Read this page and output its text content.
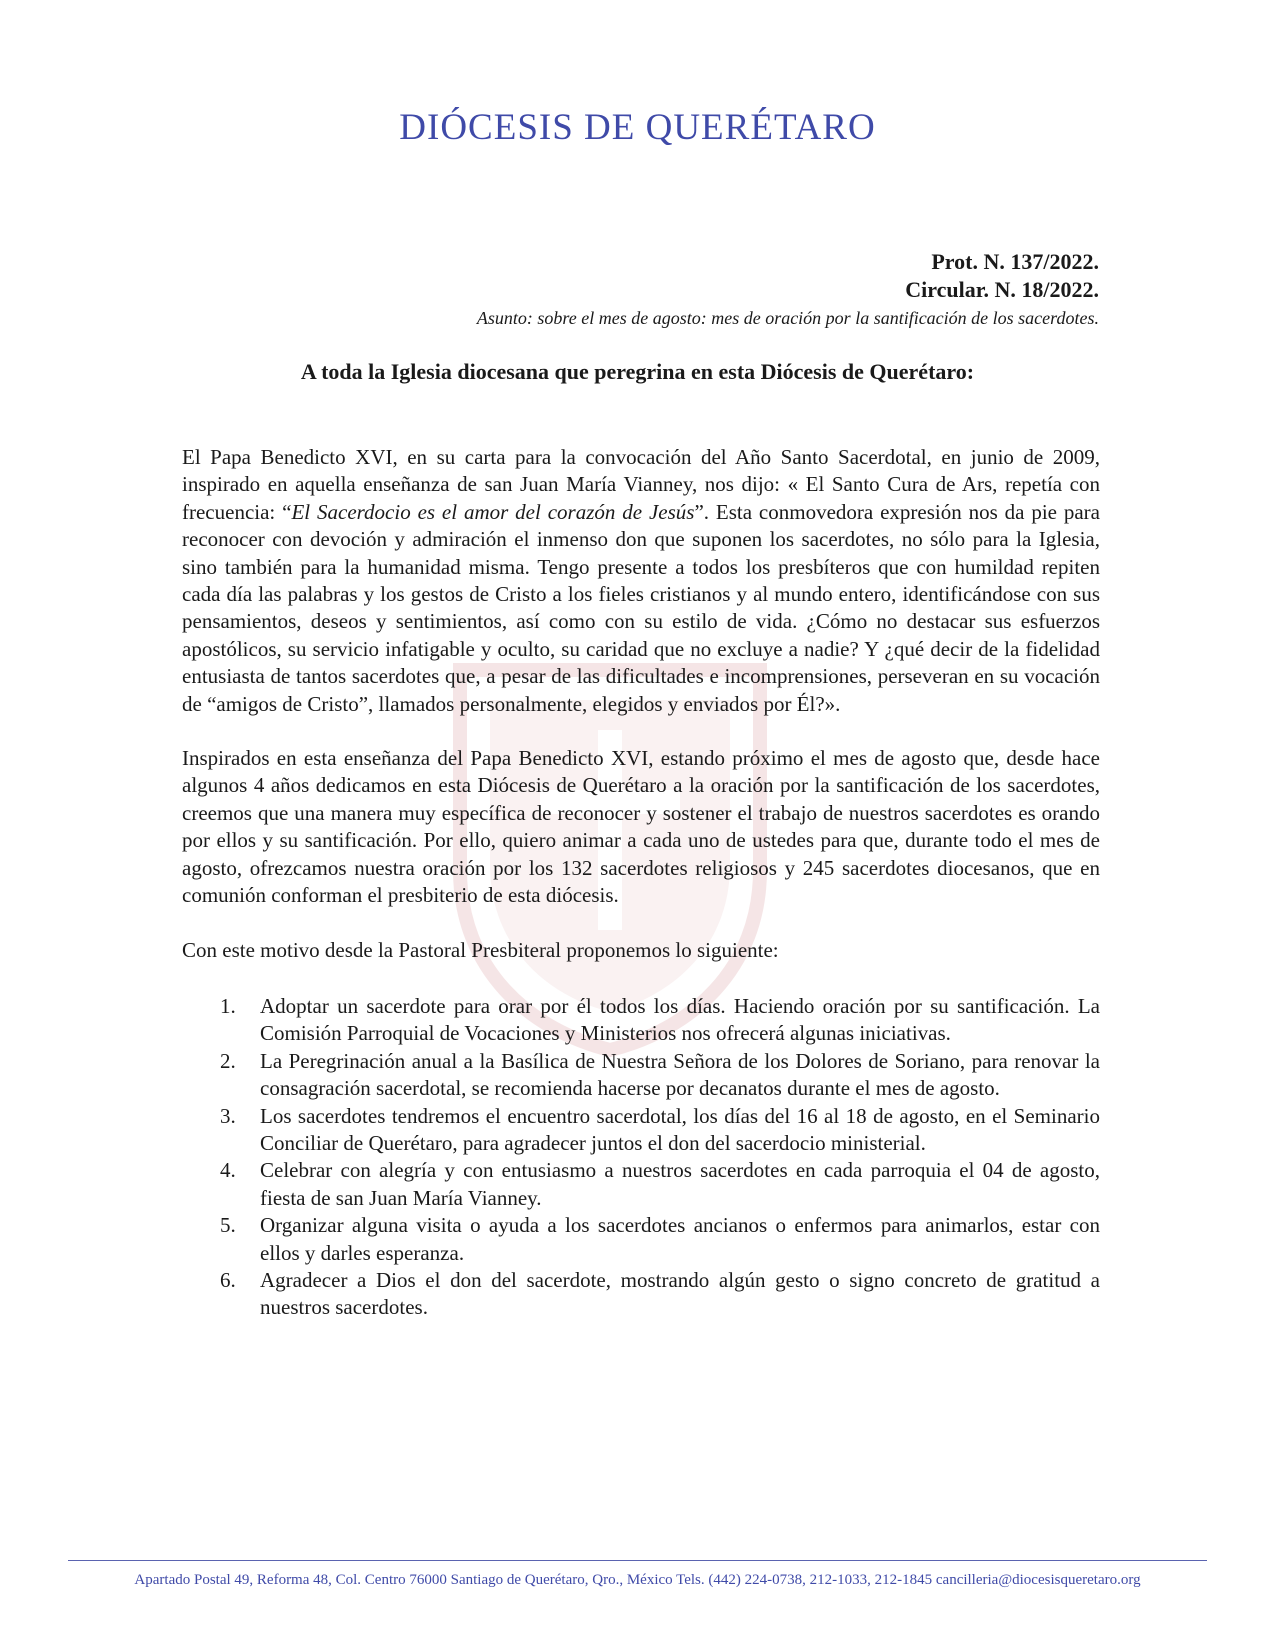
DIÓCESIS DE QUERÉTARO
Prot. N. 137/2022.
Circular. N. 18/2022.
Asunto: sobre el mes de agosto: mes de oración por la santificación de los sacerdotes.
A toda la Iglesia diocesana que peregrina en esta Diócesis de Querétaro:

El Papa Benedicto XVI, en su carta para la convocación del Año Santo Sacerdotal, en junio de 2009, inspirado en aquella enseñanza de san Juan María Vianney, nos dijo: « El Santo Cura de Ars, repetía con frecuencia: “El Sacerdocio es el amor del corazón de Jesús”. Esta conmovedora expresión nos da pie para reconocer con devoción y admiración el inmenso don que suponen los sacerdotes, no sólo para la Iglesia, sino también para la humanidad misma. Tengo presente a todos los presbíteros que con humildad repiten cada día las palabras y los gestos de Cristo a los fieles cristianos y al mundo entero, identificándose con sus pensamientos, deseos y sentimientos, así como con su estilo de vida. ¿Cómo no destacar sus esfuerzos apostólicos, su servicio infatigable y oculto, su caridad que no excluye a nadie? Y ¿qué decir de la fidelidad entusiasta de tantos sacerdotes que, a pesar de las dificultades e incomprensiones, perseveran en su vocación de “amigos de Cristo”, llamados personalmente, elegidos y enviados por Él?».

Inspirados en esta enseñanza del Papa Benedicto XVI, estando próximo el mes de agosto que, desde hace algunos 4 años dedicamos en esta Diócesis de Querétaro a la oración por la santificación de los sacerdotes, creemos que una manera muy específica de reconocer y sostener el trabajo de nuestros sacerdotes es orando por ellos y su santificación. Por ello, quiero animar a cada uno de ustedes para que, durante todo el mes de agosto, ofrezcamos nuestra oración por los 132 sacerdotes religiosos y 245 sacerdotes diocesanos, que en comunión conforman el presbiterio de esta diócesis.

Con este motivo desde la Pastoral Presbiteral proponemos lo siguiente:

1. Adoptar un sacerdote para orar por él todos los días. Haciendo oración por su santificación. La Comisión Parroquial de Vocaciones y Ministerios nos ofrecerá algunas iniciativas.
2. La Peregrinación anual a la Basílica de Nuestra Señora de los Dolores de Soriano, para renovar la consagración sacerdotal, se recomienda hacerse por decanatos durante el mes de agosto.
3. Los sacerdotes tendremos el encuentro sacerdotal, los días del 16 al 18 de agosto, en el Seminario Conciliar de Querétaro, para agradecer juntos el don del sacerdocio ministerial.
4. Celebrar con alegría y con entusiasmo a nuestros sacerdotes en cada parroquia el 04 de agosto, fiesta de san Juan María Vianney.
5. Organizar alguna visita o ayuda a los sacerdotes ancianos o enfermos para animarlos, estar con ellos y darles esperanza.
6. Agradecer a Dios el don del sacerdote, mostrando algún gesto o signo concreto de gratitud a nuestros sacerdotes.
Apartado Postal 49, Reforma 48, Col. Centro 76000 Santiago de Querétaro, Qro., México Tels. (442) 224-0738, 212-1033, 212-1845 cancilleria@diocesisqueretaro.org
